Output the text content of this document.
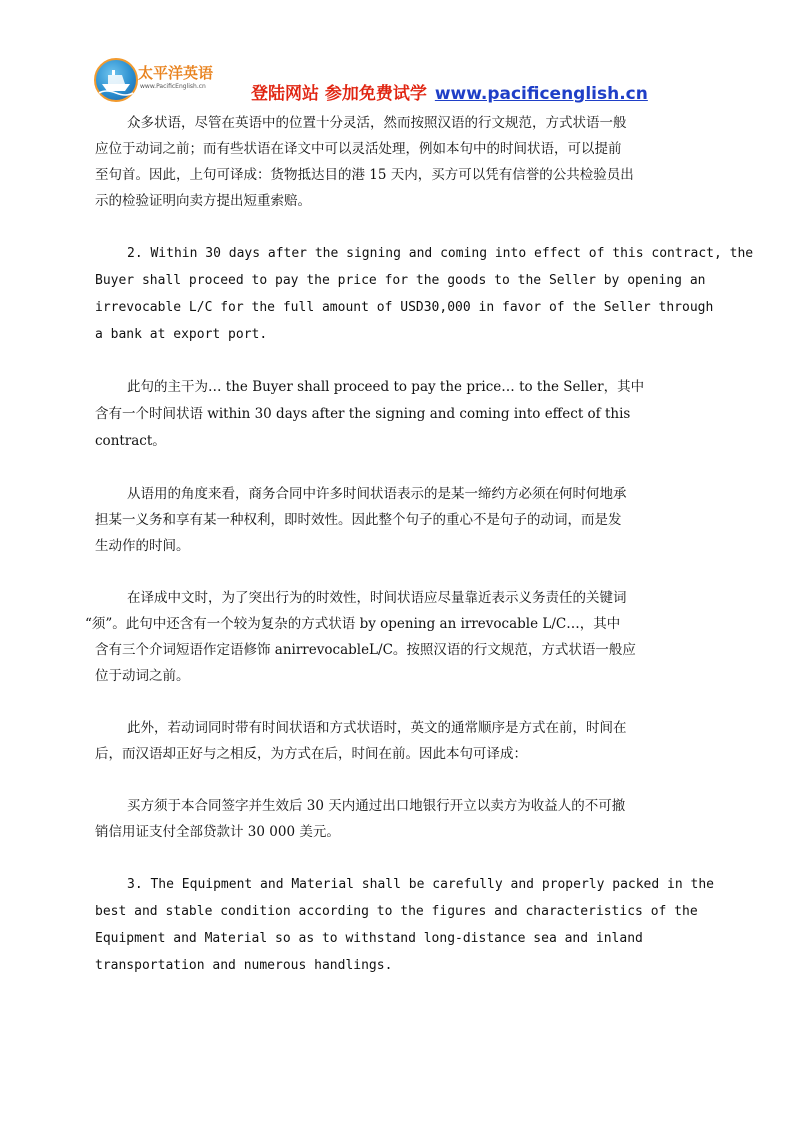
太平洋英语
www.PacificEnglish.cn	登陆网站 参加免费试学 www.pacificenglish.cn

众多状语，尽管在英语中的位置十分灵活，然而按照汉语的行文规范，方式状语一般
应位于动词之前；而有些状语在译文中可以灵活处理，例如本句中的时间状语，可以提前
至句首。因此，上句可译成：货物抵达目的港 15 天内，买方可以凭有信誉的公共检验员出
示的检验证明向卖方提出短重索赔。

2. Within 30 days after the signing and coming into effect of this contract, the
Buyer shall proceed to pay the price for the goods to the Seller by opening an
irrevocable L/C for the full amount of USD30,000 in favor of the Seller through
a bank at export port.

此句的主干为… the Buyer shall proceed to pay the price… to the Seller，其中
含有一个时间状语 within 30 days after the signing and coming into effect of this
contract。

从语用的角度来看，商务合同中许多时间状语表示的是某一缔约方必须在何时何地承
担某一义务和享有某一种权利，即时效性。因此整个句子的重心不是句子的动词，而是发
生动作的时间。

在译成中文时，为了突出行为的时效性，时间状语应尽量靠近表示义务责任的关键词
“须”。此句中还含有一个较为复杂的方式状语 by opening an irrevocable L/C…，其中
含有三个介词短语作定语修饰 anirrevocableL/C。按照汉语的行文规范，方式状语一般应
位于动词之前。

此外，若动词同时带有时间状语和方式状语时，英文的通常顺序是方式在前，时间在
后，而汉语却正好与之相反，为方式在后，时间在前。因此本句可译成：

买方须于本合同签字并生效后 30 天内通过出口地银行开立以卖方为收益人的不可撤
销信用证支付全部贷款计 30 000 美元。

3. The Equipment and Material shall be carefully and properly packed in the
best and stable condition according to the figures and characteristics of the
Equipment and Material so as to withstand long-distance sea and inland
transportation and numerous handlings.
